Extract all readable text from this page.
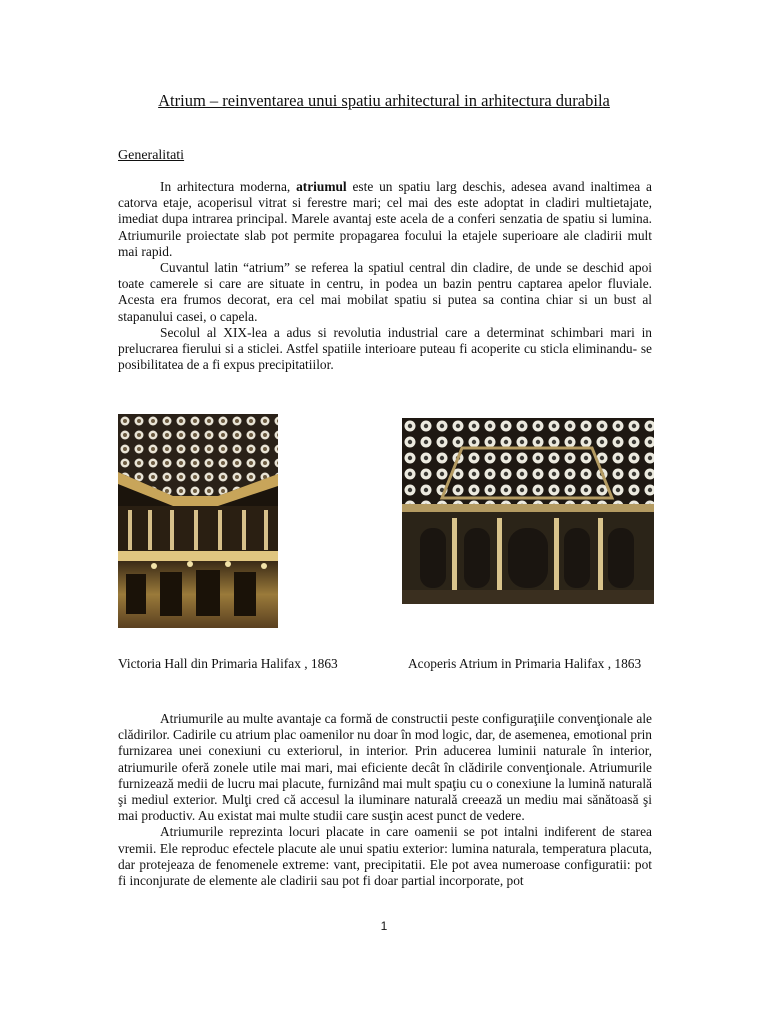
Atrium – reinventarea unui spatiu arhitectural in arhitectura durabila
Generalitati

In arhitectura moderna, atriumul este un spatiu larg deschis, adesea avand inaltimea a catorva etaje, acoperisul vitrat si ferestre mari; cel mai des este adoptat in cladiri multietajate, imediat dupa intrarea principal. Marele avantaj este acela de a conferi senzatia de spatiu si lumina. Atriumurile proiectate slab pot permite propagarea focului la etajele superioare ale cladirii mult mai rapid.

Cuvantul latin “atrium” se referea la spatiul central din cladire, de unde se deschid apoi toate camerele si care are situate in centru, in podea un bazin pentru captarea apelor fluviale. Acesta era frumos decorat, era cel mai mobilat spatiu si putea sa contina chiar si un bust al stapanului casei, o capela.

Secolul al XIX-lea a adus si revolutia industrial care a determinat schimbari mari in prelucrarea fierului si a sticlei. Astfel spatiile interioare puteau fi acoperite cu sticla eliminandu- se posibilitatea de a fi expus precipitatiilor.

Victoria Hall din Primaria Halifax , 1863	Acoperis Atrium in Primaria Halifax , 1863

Atriumurile au multe avantaje ca formă de constructii peste configuraţiile convenţionale ale clădirilor. Cadirile cu atrium plac oamenilor nu doar în mod logic, dar, de asemenea, emotional prin furnizarea unei conexiuni cu exteriorul, in interior. Prin aducerea luminii naturale în interior, atriumurile oferă zonele utile mai mari, mai eficiente decât în clădirile convenţionale. Atriumurile furnizează medii de lucru mai placute, furnizând mai mult spaţiu cu o conexiune la lumină naturală şi mediul exterior. Mulţi cred că accesul la iluminare naturală creează un mediu mai sănătoasă şi mai productiv. Au existat mai multe studii care susţin acest punct de vedere.

Atriumurile reprezinta locuri placate in care oamenii se pot intalni indiferent de starea vremii. Ele reproduc efectele placute ale unui spatiu exterior: lumina naturala, temperatura placuta, dar protejeaza de fenomenele extreme: vant, precipitatii. Ele pot avea numeroase configuratii: pot fi inconjurate de elemente ale cladirii sau pot fi doar partial incorporate, pot

1
